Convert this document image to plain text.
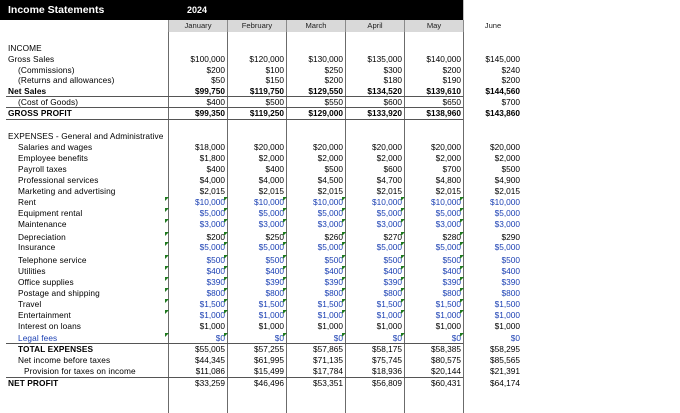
Income Statements	2024
January	February	March	April	May	June
INCOME
EXPENSES - General and Administrative
Gross Sales	$100,000	$120,000	$130,000	$135,000	$140,000	$145,000
(Commissions)	$200	$100	$250	$300	$200	$240
(Returns and allowances)	$50	$150	$200	$180	$190	$200
Net Sales	$99,750	$119,750	$129,550	$134,520	$139,610	$144,560
(Cost of Goods)	$400	$500	$550	$600	$650	$700
GROSS PROFIT	$99,350	$119,250	$129,000	$133,920	$138,960	$143,860
Salaries and wages	$18,000	$20,000	$20,000	$20,000	$20,000	$20,000
Employee benefits	$1,800	$2,000	$2,000	$2,000	$2,000	$2,000
Payroll taxes	$400	$400	$500	$600	$700	$500
Professional services	$4,000	$4,000	$4,500	$4,700	$4,800	$4,900
Marketing and advertising	$2,015	$2,015	$2,015	$2,015	$2,015	$2,015
Rent	$10,000	$10,000	$10,000	$10,000	$10,000	$10,000
Equipment rental	$5,000	$5,000	$5,000	$5,000	$5,000	$5,000
Maintenance	$3,000	$3,000	$3,000	$3,000	$3,000	$3,000
Depreciation	$200	$250	$260	$270	$280	$290
Insurance	$5,000	$5,000	$5,000	$5,000	$5,000	$5,000
Telephone service	$500	$500	$500	$500	$500	$500
Utilities	$400	$400	$400	$400	$400	$400
Office supplies	$390	$390	$390	$390	$390	$390
Postage and shipping	$800	$800	$800	$800	$800	$800
Travel	$1,500	$1,500	$1,500	$1,500	$1,500	$1,500
Entertainment	$1,000	$1,000	$1,000	$1,000	$1,000	$1,000
Interest on loans	$1,000	$1,000	$1,000	$1,000	$1,000	$1,000
Legal fees	$0	$0	$0	$0	$0	$0
TOTAL EXPENSES	$55,005	$57,255	$57,865	$58,175	$58,385	$58,295
Net income before taxes	$44,345	$61,995	$71,135	$75,745	$80,575	$85,565
Provision for taxes on income	$11,086	$15,499	$17,784	$18,936	$20,144	$21,391
NET PROFIT	$33,259	$46,496	$53,351	$56,809	$60,431	$64,174
